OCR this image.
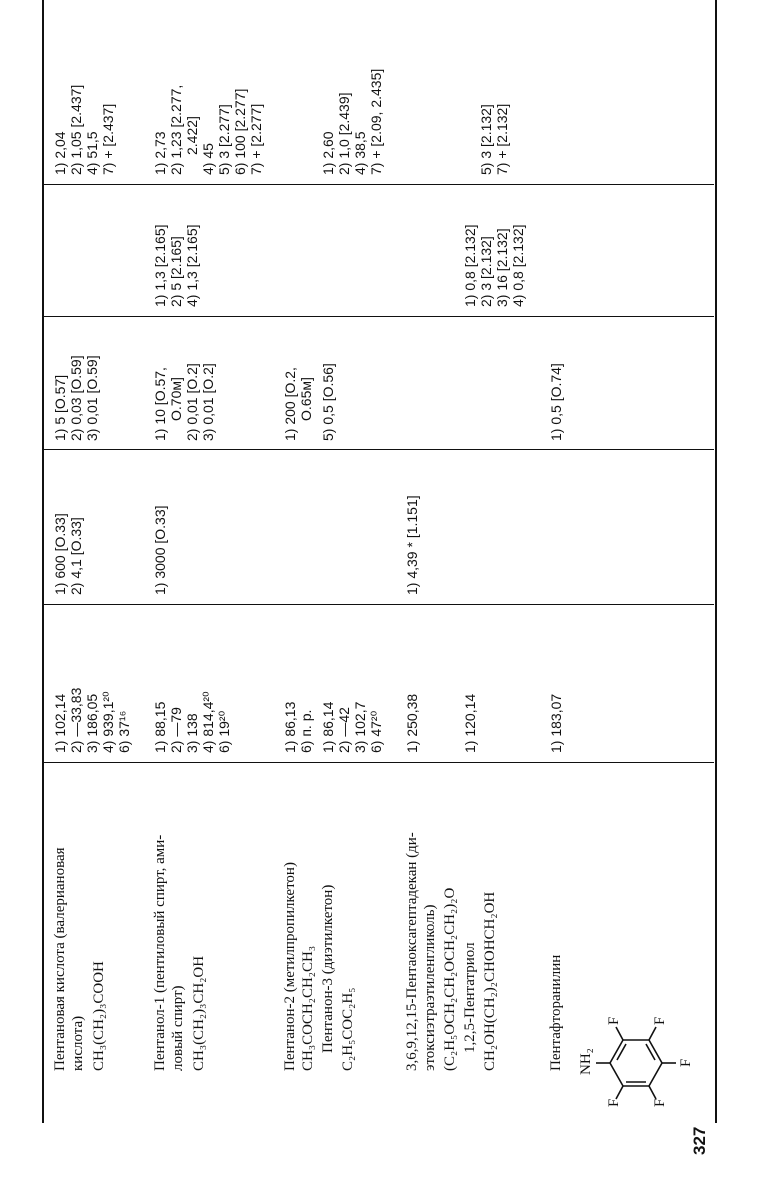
327
Пентановая кислота (валериановая кислота) CH₃(CH₂)₃COOH
1) 102,14 2) —33,83 3) 186,05 4) 939,1²⁰ 6) 37¹⁶
1) 600 [O.33] 2) 4,1 [O.33]
1) 5 [O.57] 2) 0,03 [O.59] 3) 0,01 [O.59]
1) 2,04 2) 1,05 [2.437] 4) 51,5 7) + [2.437]
Пентанол-1 (пентиловый спирт, ами- ловый спирт) CH₃(CH₂)₃CH₂OH
1) 88,15 2) —79 3) 138 4) 814,4²⁰ 6) 19²⁰
1) 3000 [O.33]
1) 10 [O.57, O.70м] 2) 0,01 [O.2] 3) 0,01 [O.2]
1) 1,3 [2.165] 2) 5 [2.165] 4) 1,3 [2.165]
1) 2,73 2) 1,23 [2.277, 2.422]
4) 45 5) 3 [2.277] 6) 100 [2.277] 7) + [2.277]
Пентанон-2 (метилпропилкетон) CH₃COCH₂CH₂CH₃
1) 86,13 6) п. р.
1) 200 [O.2, O.65м]
Пентанон-3 (диэтилкетон) C₂H₅COC₂H₅
1) 86,14 2) —42 3) 102,7 6) 47²⁰
5) 0,5 [O.56]
1) 2,60 2) 1,0 [2.439] 4) 38,5 7) + [2.09, 2.435]
3,6,9,12,15-Пентаоксагептадекан (ди- этоксиэтраэтиленгликоль) (C₂H₅OCH₂CH₂OCH₂CH₂)₂O
1) 250,38
1) 4,39 * [1.151]
1,2,5-Пентатриол CH₂OH(CH₂)₂CHOHCH₂OH
1) 120,14
1) 0,8 [2.132] 2) 3 [2.132] 3) 16 [2.132] 4) 0,8 [2.132]
5) 3 [2.132] 7) + [2.132]
Пентафторанилин
1) 183,07
1) 0,5 [O.74]
NH₂
F F
F
F
F
